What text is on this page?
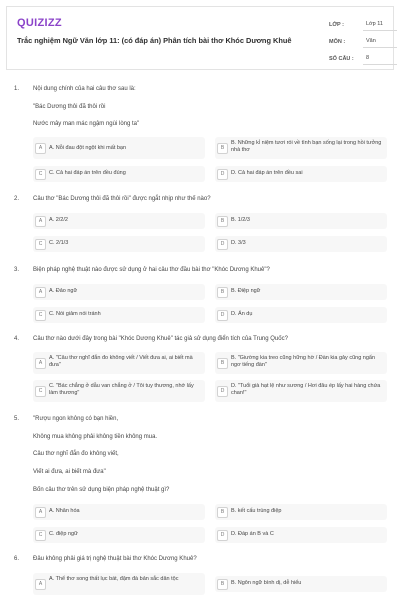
QUIZIZZ
Trắc nghiệm Ngữ Văn lớp 11: (có đáp án) Phân tích bài thơ Khóc Dương Khuê
LỚP :	Lớp 11
MÔN :	Văn
SỐ CÂU :	8
1. Nội dung chính của hai câu thơ sau là:
"Bác Dương thôi đã thôi rồi
Nước mây man mác ngậm ngùi lòng ta"
A	A. Nỗi đau đột ngột khi mất bạn	B
B. Những kỉ niệm tươi rói về tình bạn sống lại trong hồi tưởng nhà thơ
C	C. Cả hai đáp án trên đều đúng	D	D. Cả hai đáp án trên đều sai
2. Câu thơ "Bác Dương thôi đã thôi rồi" được ngắt nhịp như thế nào?
A	A. 2/2/2	B	B. 1/2/3
C	C. 2/1/3	D	D. 3/3
3. Biện pháp nghệ thuật nào được sử dụng ở hai câu thơ đầu bài thơ "Khóc Dương Khuê"?
A	A. Đảo ngữ	B	B. Điệp ngữ
C	C. Nói giảm nói tránh	D	D. Ẩn dụ
4. Câu thơ nào dưới đây trong bài "Khóc Dương Khuê" tác giả sử dụng điển tích của Trung Quốc?
A
A. "Câu thơ nghĩ đắn đo không viết / Viết đưa ai, ai biết mà đưa"	B
B. "Giường kia treo cũng hững hờ / Đàn kia gảy cũng ngẩn ngơ tiếng đàn"
C
C. "Bác chẳng ở dẫu van chẳng ở / Tôi tuy thương, nhớ lấy làm thương"	D
D. "Tuổi già hạt lệ như sương / Hơi đâu ép lấy hai hàng chứa chan!"
5. "Rượu ngon không có bạn hiền,
Không mua không phải không tiền không mua.
Câu thơ nghĩ đắn đo không viết,
Viết ai đưa, ai biết mà đưa"
Bốn câu thơ trên sử dụng biện pháp nghệ thuật gì?
A	A. Nhân hóa	B	B. kết cấu trùng điệp
C	C. điệp ngữ	D	D. Đáp án B và C
6. Đâu không phải giá trị nghệ thuật bài thơ Khóc Dương Khuê?
A
A. Thể thơ song thất lục bát, đậm đà bản sắc dân tộc
B	B. Ngôn ngữ bình dị, dễ hiểu
